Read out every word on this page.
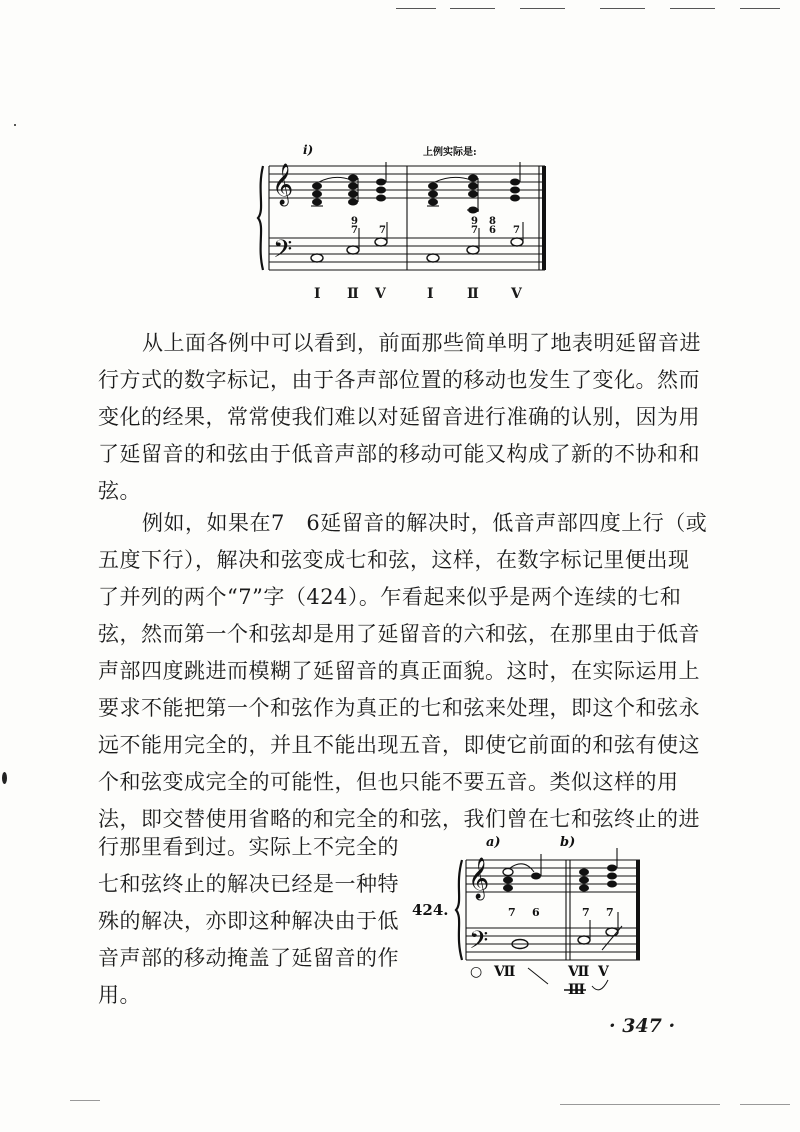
𝄞
𝄢
i)	上例实际是:
9
7 7
9
7
8
6 7
I Ⅱ V	I Ⅱ V
从上面各例中可以看到，前面那些简单明了地表明延留音进
行方式的数字标记，由于各声部位置的移动也发生了变化。然而
变化的经果，常常使我们难以对延留音进行准确的认别，因为用
了延留音的和弦由于低音声部的移动可能又构成了新的不协和和
弦。
例如，如果在7　6延留音的解决时，低音声部四度上行（或
五度下行），解决和弦变成七和弦，这样，在数字标记里便出现
了并列的两个“7”字（424）。乍看起来似乎是两个连续的七和
弦，然而第一个和弦却是用了延留音的六和弦，在那里由于低音
声部四度跳进而模糊了延留音的真正面貌。这时，在实际运用上
要求不能把第一个和弦作为真正的七和弦来处理，即这个和弦永
远不能用完全的，并且不能出现五音，即使它前面的和弦有使这
个和弦变成完全的可能性，但也只能不要五音。类似这样的用
法，即交替使用省略的和完全的和弦，我们曾在七和弦终止的进
行那里看到过。实际上不完全的
七和弦终止的解决已经是一种特
殊的解决，亦即这种解决由于低
音声部的移动掩盖了延留音的作
用。
424.
a)	b)
𝄞
𝄢
7 6	7 7
○ Ⅶ	Ⅶ V
Ⅲ
· 347 ·
